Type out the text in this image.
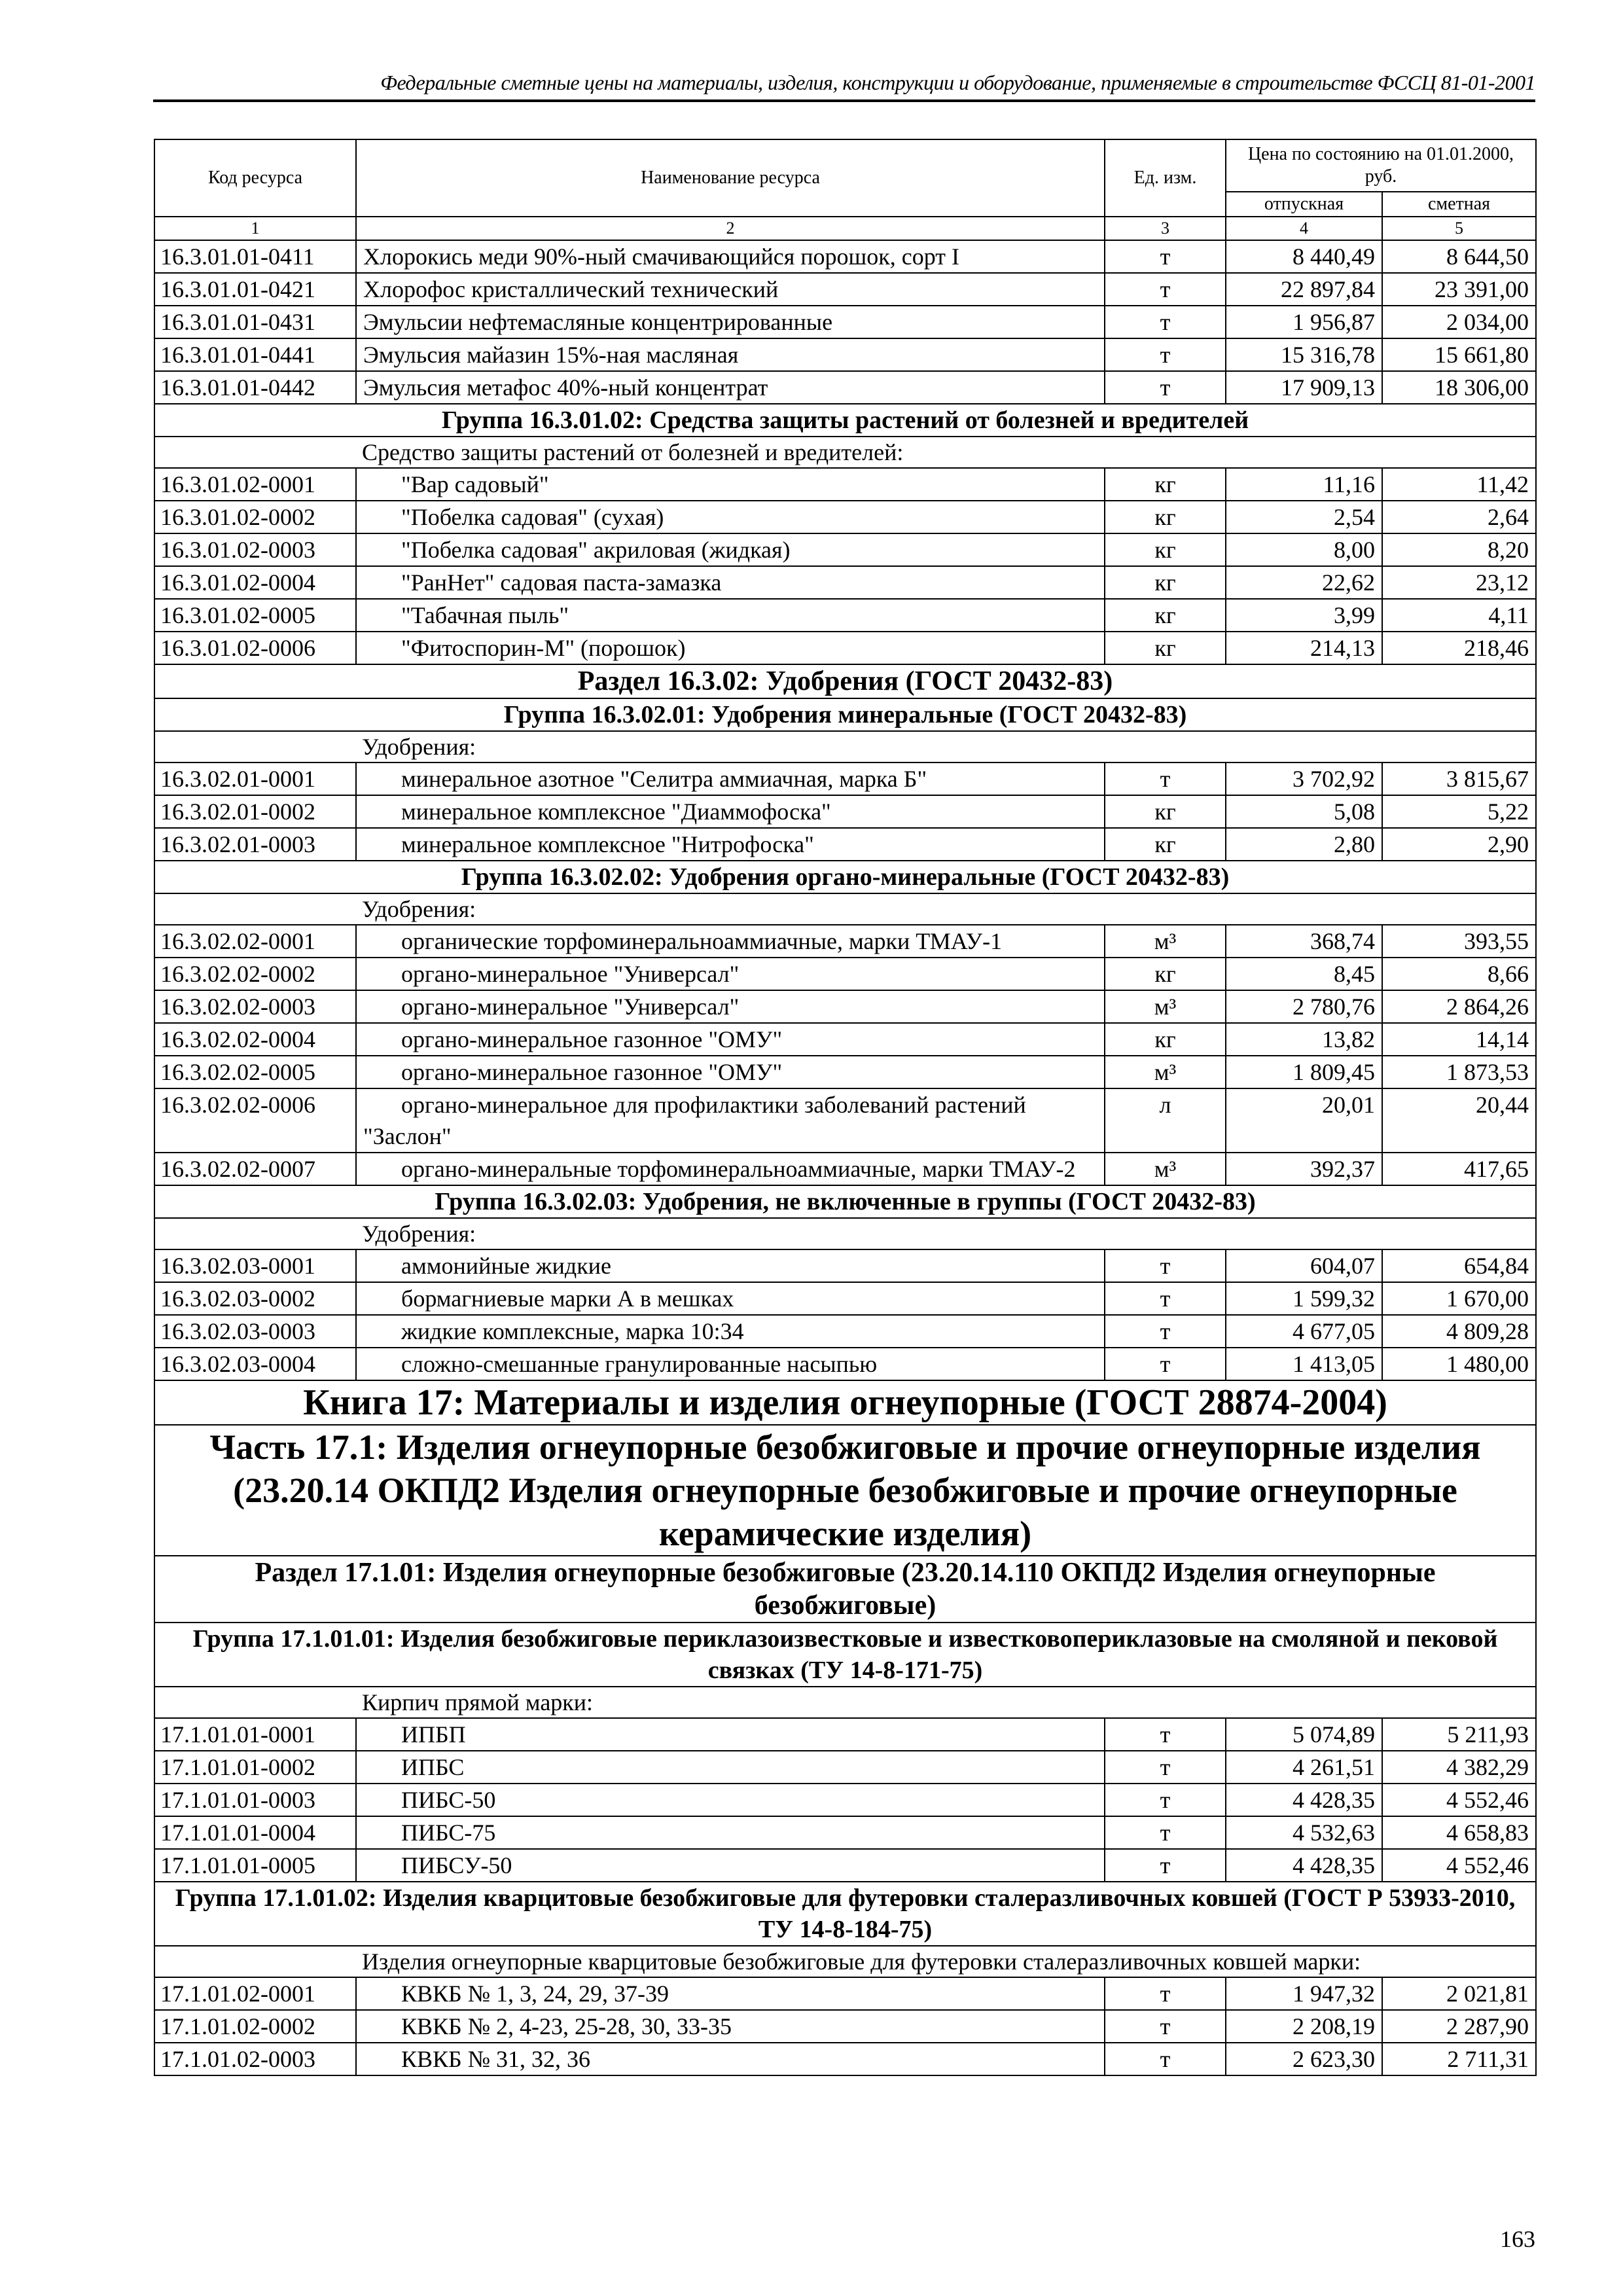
Федеральные сметные цены на материалы, изделия, конструкции и оборудование, применяемые в строительстве ФССЦ 81-01-2001
Код ресурса	Наименование ресурса	Ед. изм.	Цена по состоянию на 01.01.2000, руб.	
			отпускная	сметная
1	2	3	4	5
16.3.01.01-0411	Хлорокись меди 90%-ный смачивающийся порошок, сорт I	т	8 440,49	8 644,50
16.3.01.01-0421	Хлорофос кристаллический технический	т	22 897,84	23 391,00
16.3.01.01-0431	Эмульсии нефтемасляные концентрированные	т	1 956,87	2 034,00
16.3.01.01-0441	Эмульсия майазин 15%-ная масляная	т	15 316,78	15 661,80
16.3.01.01-0442	Эмульсия метафос 40%-ный концентрат	т	17 909,13	18 306,00
Группа 16.3.01.02: Средства защиты растений от болезней и вредителей				
Средство защиты растений от болезней и вредителей:				
16.3.01.02-0001	"Вар садовый"	кг	11,16	11,42
16.3.01.02-0002	"Побелка садовая" (сухая)	кг	2,54	2,64
16.3.01.02-0003	"Побелка садовая" акриловая (жидкая)	кг	8,00	8,20
16.3.01.02-0004	"РанНет" садовая паста-замазка	кг	22,62	23,12
16.3.01.02-0005	"Табачная пыль"	кг	3,99	4,11
16.3.01.02-0006	"Фитоспорин-М" (порошок)	кг	214,13	218,46
Раздел 16.3.02: Удобрения (ГОСТ 20432-83)				
Группа 16.3.02.01: Удобрения минеральные (ГОСТ 20432-83)				
Удобрения:				
16.3.02.01-0001	минеральное азотное "Селитра аммиачная, марка Б"	т	3 702,92	3 815,67
16.3.02.01-0002	минеральное комплексное "Диаммофоска"	кг	5,08	5,22
16.3.02.01-0003	минеральное комплексное "Нитрофоска"	кг	2,80	2,90
Группа 16.3.02.02: Удобрения органо-минеральные (ГОСТ 20432-83)				
Удобрения:				
16.3.02.02-0001	органические торфоминеральноаммиачные, марки ТМАУ-1	м³	368,74	393,55
16.3.02.02-0002	органо-минеральное "Универсал"	кг	8,45	8,66
16.3.02.02-0003	органо-минеральное "Универсал"	м³	2 780,76	2 864,26
16.3.02.02-0004	органо-минеральное газонное "ОМУ"	кг	13,82	14,14
16.3.02.02-0005	органо-минеральное газонное "ОМУ"	м³	1 809,45	1 873,53
16.3.02.02-0006	органо-минеральное для профилактики заболеваний растений "Заслон"	л	20,01	20,44
16.3.02.02-0007	органо-минеральные торфоминеральноаммиачные, марки ТМАУ-2	м³	392,37	417,65
Группа 16.3.02.03: Удобрения, не включенные в группы (ГОСТ 20432-83)				
Удобрения:				
16.3.02.03-0001	аммонийные жидкие	т	604,07	654,84
16.3.02.03-0002	бормагниевые марки А в мешках	т	1 599,32	1 670,00
16.3.02.03-0003	жидкие комплексные, марка 10:34	т	4 677,05	4 809,28
16.3.02.03-0004	сложно-смешанные гранулированные насыпью	т	1 413,05	1 480,00
Книга 17: Материалы и изделия огнеупорные (ГОСТ 28874-2004)				
Часть 17.1: Изделия огнеупорные безобжиговые и прочие огнеупорные изделия (23.20.14 ОКПД2 Изделия огнеупорные безобжиговые и прочие огнеупорные керамические изделия)				
Раздел 17.1.01: Изделия огнеупорные безобжиговые (23.20.14.110 ОКПД2 Изделия огнеупорные безобжиговые)				
Группа 17.1.01.01: Изделия безобжиговые периклазоизвестковые и известковопериклазовые на смоляной и пековой связках (ТУ 14-8-171-75)				
Кирпич прямой марки:				
17.1.01.01-0001	ИПБП	т	5 074,89	5 211,93
17.1.01.01-0002	ИПБС	т	4 261,51	4 382,29
17.1.01.01-0003	ПИБС-50	т	4 428,35	4 552,46
17.1.01.01-0004	ПИБС-75	т	4 532,63	4 658,83
17.1.01.01-0005	ПИБСУ-50	т	4 428,35	4 552,46
Группа 17.1.01.02: Изделия кварцитовые безобжиговые для футеровки сталеразливочных ковшей (ГОСТ Р 53933-2010, ТУ 14-8-184-75)				
Изделия огнеупорные кварцитовые безобжиговые для футеровки сталеразливочных ковшей марки:				
17.1.01.02-0001	КВКБ № 1, 3, 24, 29, 37-39	т	1 947,32	2 021,81
17.1.01.02-0002	КВКБ № 2, 4-23, 25-28, 30, 33-35	т	2 208,19	2 287,90
17.1.01.02-0003	КВКБ № 31, 32, 36	т	2 623,30	2 711,31
163
